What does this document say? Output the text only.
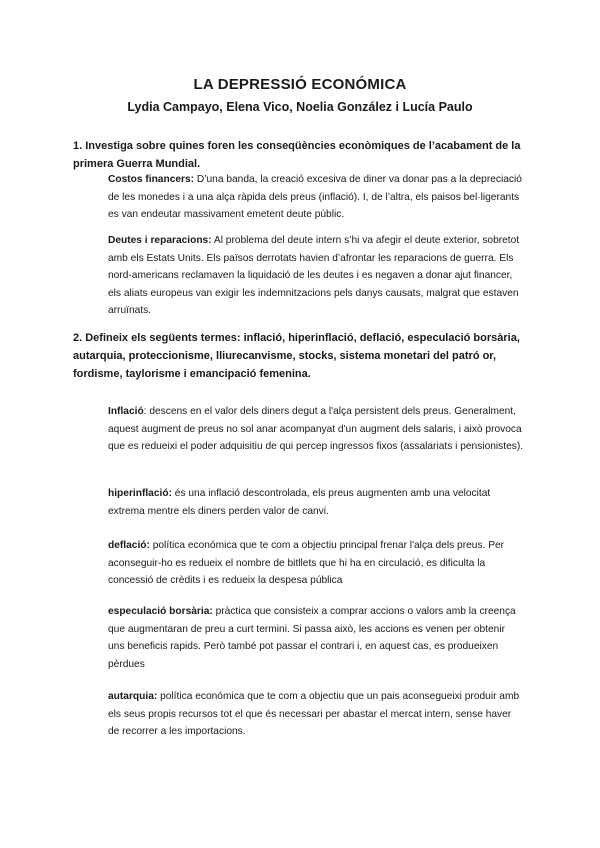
LA DEPRESSIÓ ECONÓMICA
Lydia Campayo, Elena Vico, Noelia González i Lucía Paulo
1. Investiga sobre quines foren les conseqüències econòmiques de l’acabament de la primera Guerra Mundial.
Costos financers: D’una banda, la creació excesiva de diner va donar pas a la depreciació de les monedes i a una alça ràpida dels preus (inflació). I, de l’altra, els paisos bel·ligerants es van endeutar massivament emetent deute públic.
Deutes i reparacions: Al problema del deute intern s’hi va afegir el deute exterior, sobretot amb els Estats Units. Els països derrotats havien d’afrontar les reparacions de guerra. Els nord-americans reclamaven la liquidació de les deutes i es negaven a donar ajut financer, els aliats europeus van exigir les indemnitzacions pels danys causats, malgrat que estaven arruïnats.
2. Defineix els següents termes: inflació, hiperinflació, deflació, especulació borsària, autarquia, proteccionisme, lliurecanvisme, stocks, sistema monetari del patró or, fordisme, taylorisme i emancipació femenina.
Inflació: descens en el valor dels diners degut a l'alça persistent dels preus. Generalment, aquest augment de preus no sol anar acompanyat d'un augment dels salaris, i això provoca que es redueixi el poder adquisitiu de qui percep ingressos fixos (assalariats i pensionistes).
hiperinflació: és una inflació descontrolada, els preus augmenten amb una velocitat extrema mentre els diners perden valor de canvi.
deflació: política económica que te com a objectiu principal frenar l'alça dels preus. Per aconseguir-ho es redueix el nombre de bitllets que hi ha en circulació, es dificulta la concessió de crèdits i es redueix la despesa pública
especulació borsària: pràctica que consisteix a comprar accions o valors amb la creença que augmentaran de preu a curt termini. Si passa això, les accions es venen per obtenir uns beneficis rapids. Però també pot passar el contrari i, en aquest cas, es produeixen pèrdues
autarquia: política económica que te com a objectiu que un pais aconsegueixi produir amb els seus propis recursos tot el que és necessari per abastar el mercat intern, sense haver de recorrer a les importacions.
